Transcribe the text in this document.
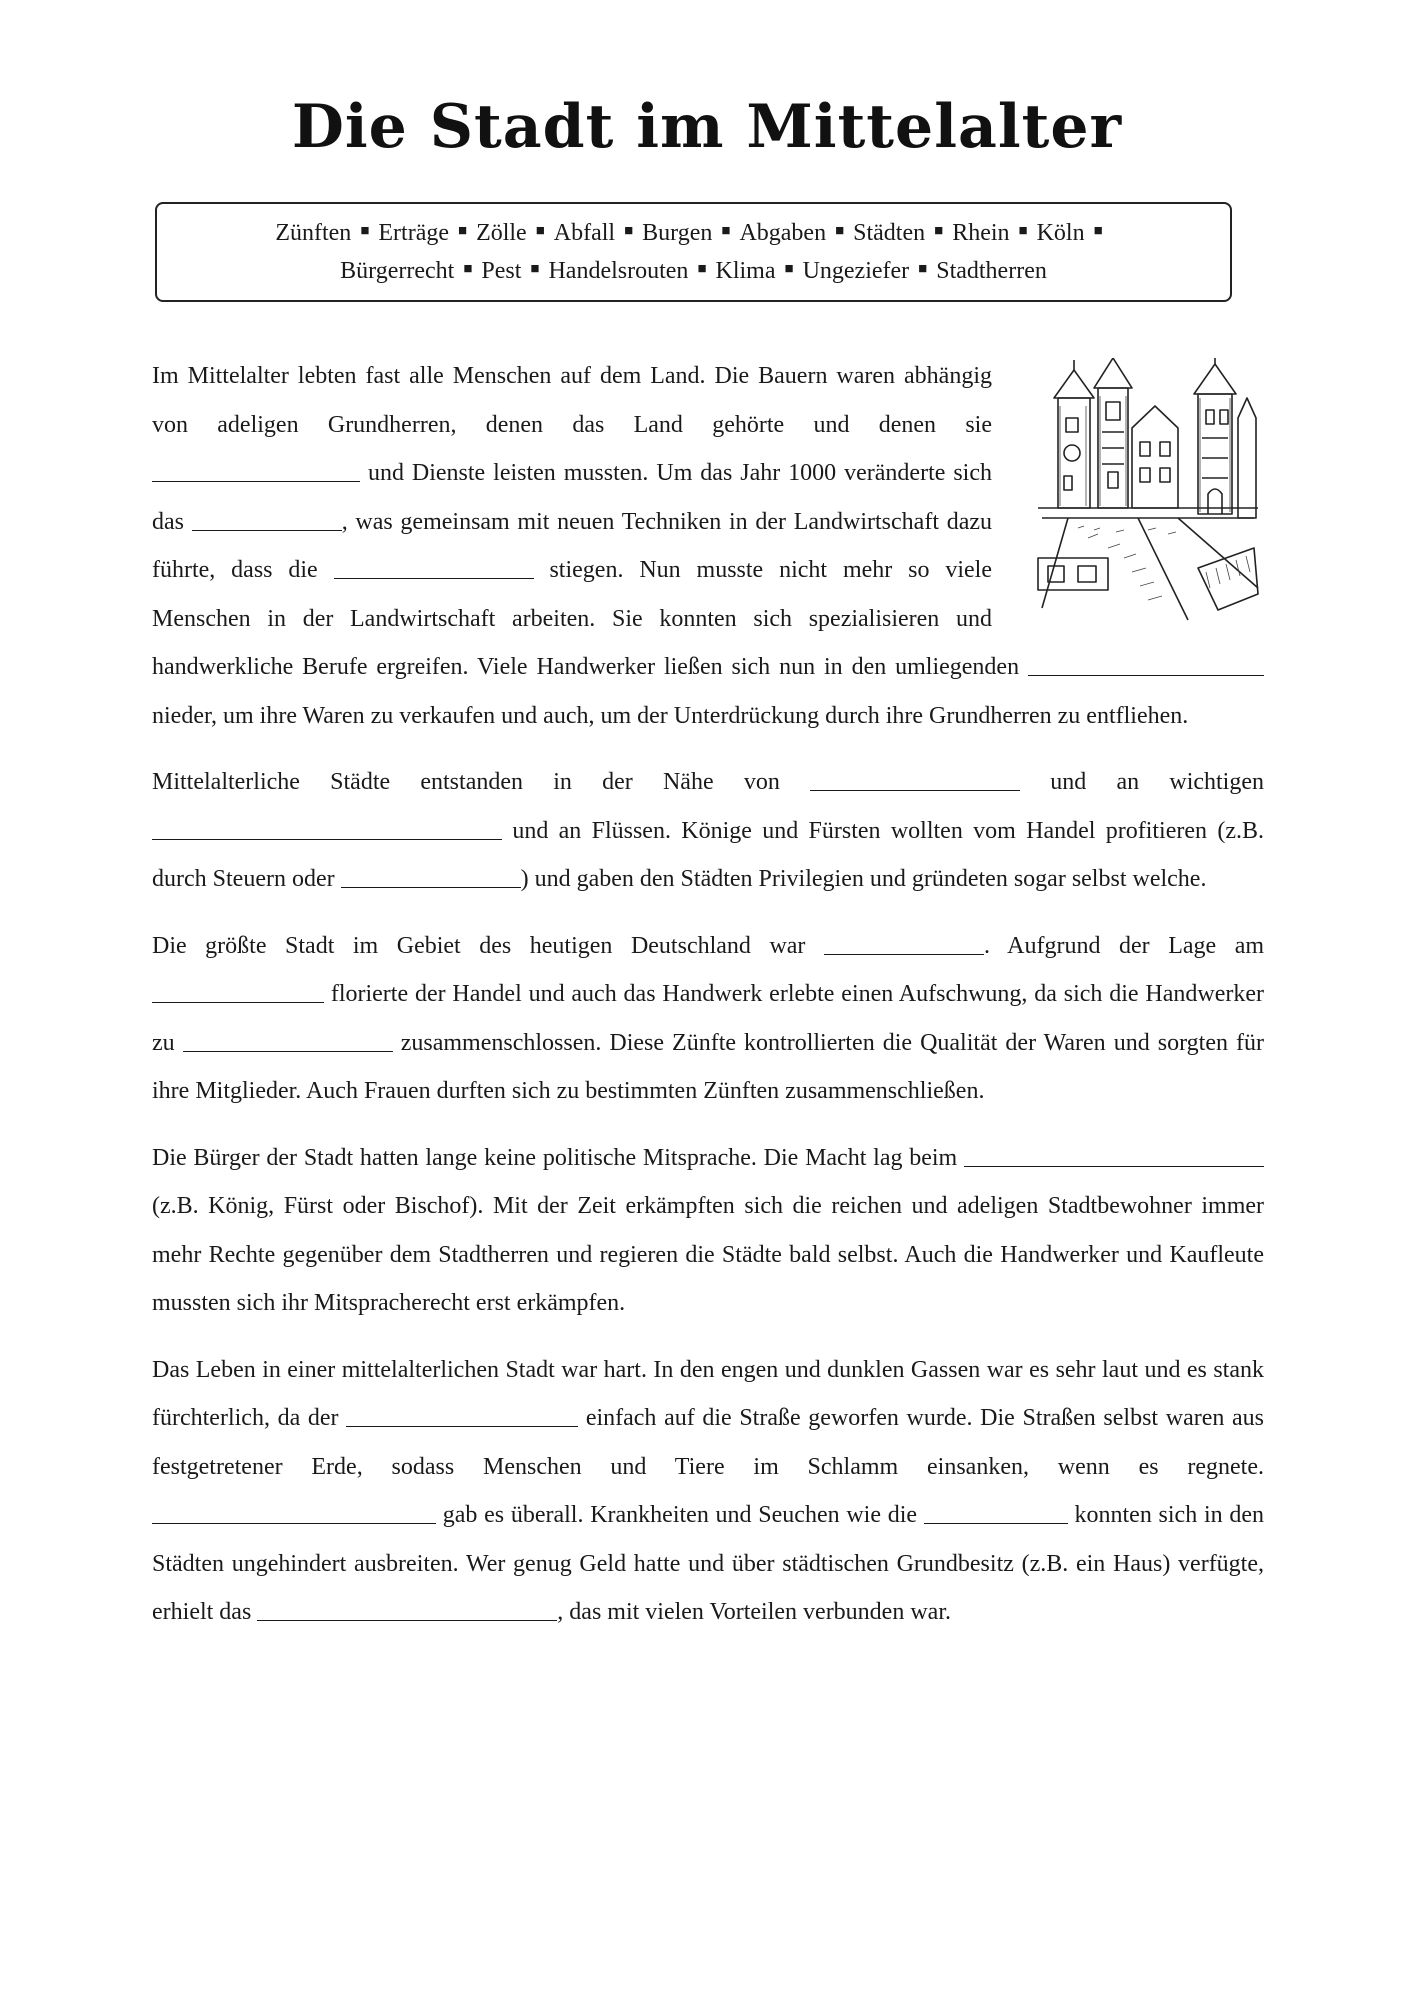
Die Stadt im Mittelalter
Zünften ■ Erträge ■ Zölle ■ Abfall ■ Burgen ■ Abgaben ■ Städten ■ Rhein ■ Köln ■
Bürgerrecht ■ Pest ■ Handelsrouten ■ Klima ■ Ungeziefer ■ Stadtherren

Im Mittelalter lebten fast alle Menschen auf dem Land. Die Bauern waren abhängig von adeligen Grundherren, denen das Land gehörte und denen sie  und Dienste leisten mussten. Um das Jahr 1000 veränderte sich das	, was gemeinsam mit neuen Techniken in der Landwirtschaft dazu führte, dass die	stiegen. Nun musste nicht mehr so viele Menschen in der Landwirtschaft arbeiten. Sie konnten sich spezialisieren und handwerkliche Berufe ergreifen. Viele Handwerker ließen sich nun in den umliegenden  nieder, um ihre Waren zu verkaufen und auch, um der Unterdrückung durch ihre Grundherren zu entfliehen.

Mittelalterliche Städte entstanden in der Nähe von	und an wichtigen  und an Flüssen. Könige und Fürsten wollten vom Handel profitieren (z.B. durch Steuern oder	) und gaben den Städten Privilegien und gründeten sogar selbst welche.

Die größte Stadt im Gebiet des heutigen Deutschland war	. Aufgrund der Lage am  florierte der Handel und auch das Handwerk erlebte einen Aufschwung, da sich die Handwerker zu	zusammenschlossen. Diese Zünfte kontrollierten die Qualität der Waren und sorgten für ihre Mitglieder. Auch Frauen durften sich zu bestimmten Zünften zusammenschließen.

Die Bürger der Stadt hatten lange keine politische Mitsprache. Die Macht lag beim  (z.B. König, Fürst oder Bischof). Mit der Zeit erkämpften sich die reichen und adeligen Stadtbewohner immer mehr Rechte gegenüber dem Stadtherren und regieren die Städte bald selbst. Auch die Handwerker und Kaufleute mussten sich ihr Mitspracherecht erst erkämpfen.

Das Leben in einer mittelalterlichen Stadt war hart. In den engen und dunklen Gassen war es sehr laut und es stank fürchterlich, da der	einfach auf die Straße geworfen wurde. Die Straßen selbst waren aus festgetretener Erde, sodass Menschen und Tiere im Schlamm einsanken, wenn es regnete.  gab es überall. Krankheiten und Seuchen wie die	konnten sich in den Städten ungehindert ausbreiten. Wer genug Geld hatte und über städtischen Grundbesitz (z.B. ein Haus) verfügte, erhielt das	, das mit vielen Vorteilen verbunden war.
